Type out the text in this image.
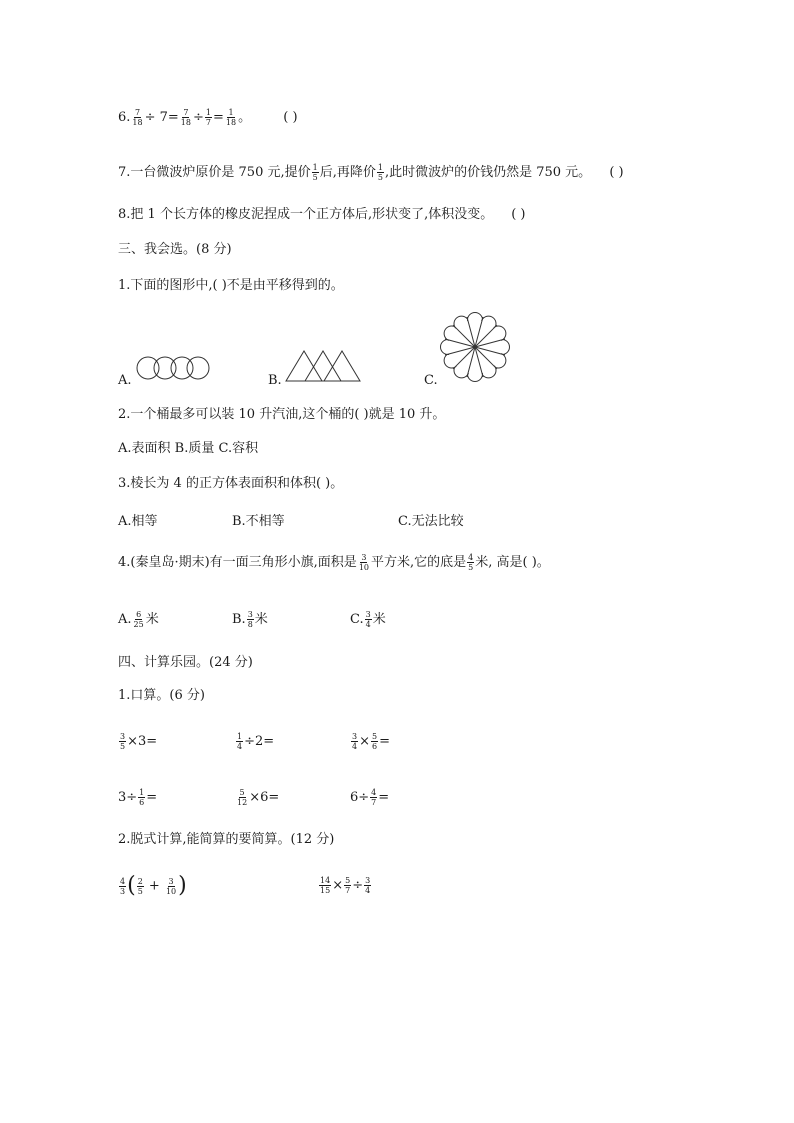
6. $\frac{7}{18} \div 7= \frac{7}{18} \div \frac{1}{7} = \frac{1}{18}$ 。 ( )
7.一台微波炉原价是 750 元,提价 $\frac{1}{5}$ 后,再降价 $\frac{1}{5}$ ,此时微波炉的价钱仍然是 750 元。 ( )
8.把 1 个长方体的橡皮泥捏成一个正方体后,形状变了,体积没变。 ( )
三、我会选。(8 分)
1.下面的图形中,( )不是由平移得到的。
A.	B.	C.
2.一个桶最多可以装 10 升汽油,这个桶的( )就是 10 升。
A.表面积 B.质量 C.容积
3.棱长为 4 的正方体表面积和体积( )。
A.相等	B.不相等	C.无法比较
4.(秦皇岛·期末)有一面三角形小旗,面积是 $\frac{3}{10}$ 平方米,它的底是 $\frac{4}{5}$ 米, 高是( )。
A. $\frac{6}{25}$ 米	B. $\frac{3}{8}$ 米	C. $\frac{3}{4}$ 米
四、计算乐园。(24 分)
1.口算。(6 分)
$\frac{3}{5} \times 3=$	$\frac{1}{4} \div 2=$	$\frac{3}{4} \times \frac{5}{6}$ =
$3\div \frac{1}{6}$ =	$\frac{5}{12} \times 6=$	$6\div \frac{4}{7}$ =
2.脱式计算,能简算的要简算。(12 分)
$\frac{4}{3}$ ( $\frac{2}{5} + \frac{3}{10}$ )	$\frac{14}{15} \times \frac{5}{7} \div \frac{3}{4}$
